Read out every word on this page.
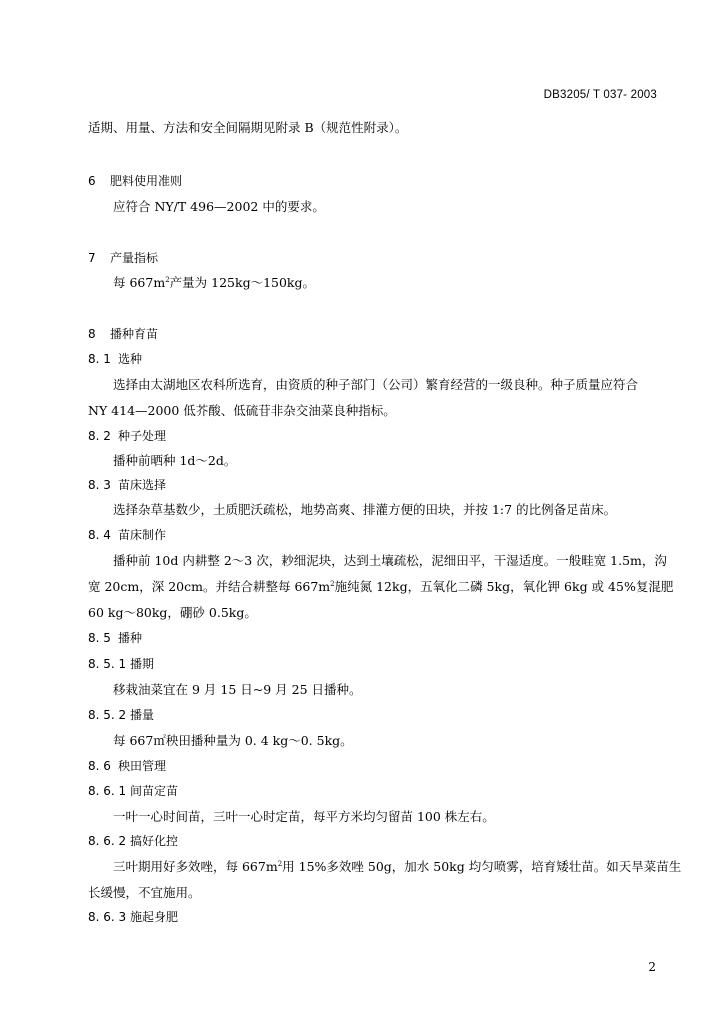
DB3205/ T 037- 2003
适期、用量、方法和安全间隔期见附录 B（规范性附录）。
6 肥料使用准则
应符合 NY/T 496—2002 中的要求。
7 产量指标
每 $667m^2$产量为 125kg～150kg。
8 播种育苗
8. 1 选种
选择由太湖地区农科所选育，由资质的种子部门（公司）繁育经营的一级良种。种子质量应符合
NY 414—2000 低芥酸、低硫苷非杂交油菜良种指标。
8. 2 种子处理
播种前晒种 1d～2d。
8. 3 苗床选择
选择杂草基数少，土质肥沃疏松，地势高爽、排灌方便的田块，并按 1:7 的比例备足苗床。
8. 4 苗床制作
播种前 10d 内耕整 2～3 次，耖细泥块，达到土壤疏松，泥细田平，干湿适度。一般畦宽 1.5m，沟
宽 20cm，深 20cm。并结合耕整每 $667m^2$施纯氮 12kg，五氧化二磷 5kg，氧化钾 6kg 或 45%复混肥
60 kg～80kg，硼砂 0.5kg。
8. 5 播种
8. 5. 1 播期
移栽油菜宜在 9 月 15 日~9 月 25 日播种。
8. 5. 2 播量
每 667㎡秧田播种量为 0. 4 kg～0. 5kg。
8. 6 秧田管理
8. 6. 1 间苗定苗
一叶一心时间苗，三叶一心时定苗，每平方米均匀留苗 100 株左右。
8. 6. 2 搞好化控
三叶期用好多效唑，每 $667m^2$用 15%多效唑 50g，加水 50kg 均匀喷雾，培育矮壮苗。如天旱菜苗生
长缓慢，不宜施用。
8. 6. 3 施起身肥
2
